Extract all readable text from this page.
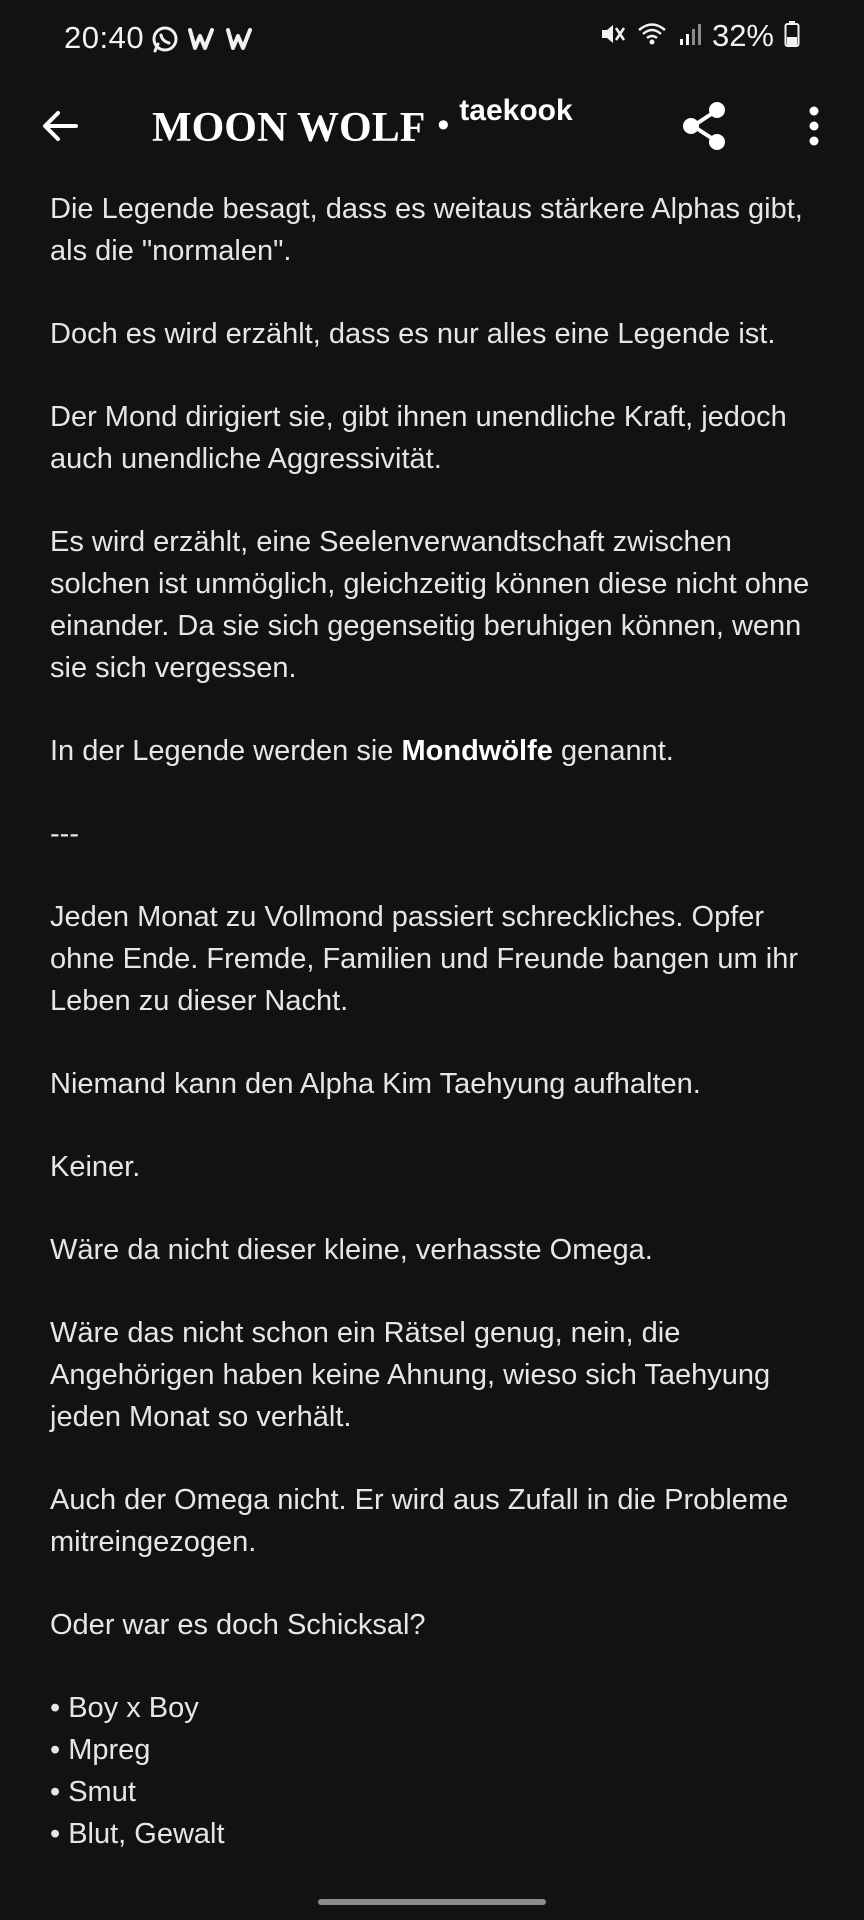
20:40	32%
MOON WOLF • taekook

Die Legende besagt, dass es weitaus stärkere Alphas gibt, als die "normalen".

Doch es wird erzählt, dass es nur alles eine Legende ist.

Der Mond dirigiert sie, gibt ihnen unendliche Kraft, jedoch auch unendliche Aggressivität.

Es wird erzählt, eine Seelenverwandtschaft zwischen solchen ist unmöglich, gleichzeitig können diese nicht ohne einander. Da sie sich gegenseitig beruhigen können, wenn sie sich vergessen.

In der Legende werden sie Mondwölfe genannt.

---

Jeden Monat zu Vollmond passiert schreckliches. Opfer ohne Ende. Fremde, Familien und Freunde bangen um ihr Leben zu dieser Nacht.

Niemand kann den Alpha Kim Taehyung aufhalten.

Keiner.

Wäre da nicht dieser kleine, verhasste Omega.

Wäre das nicht schon ein Rätsel genug, nein, die Angehörigen haben keine Ahnung, wieso sich Taehyung jeden Monat so verhält.

Auch der Omega nicht. Er wird aus Zufall in die Probleme mitreingezogen.

Oder war es doch Schicksal?

• Boy x Boy
• Mpreg
• Smut
• Blut, Gewalt
